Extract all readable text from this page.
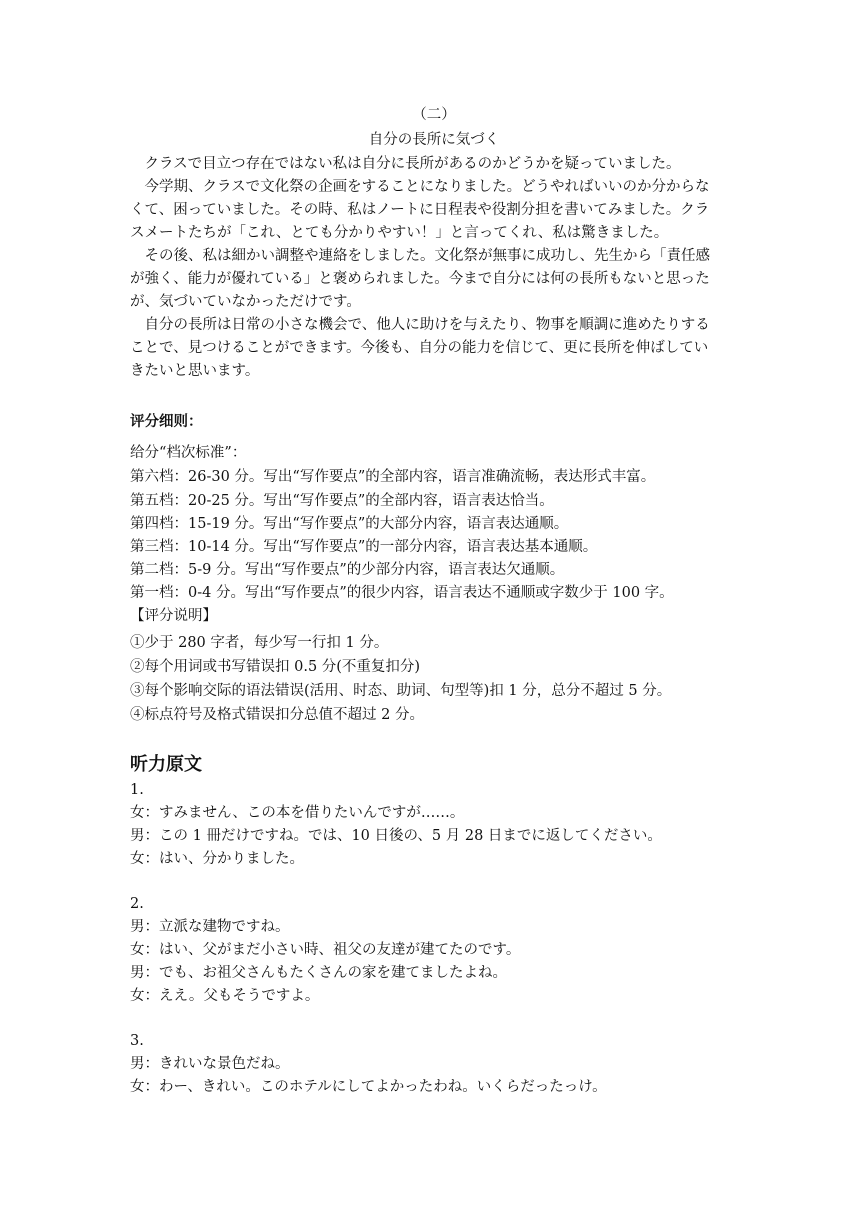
（二）
自分の長所に気づく
　クラスで目立つ存在ではない私は自分に長所があるのかどうかを疑っていました。
　今学期、クラスで文化祭の企画をすることになりました。どうやればいいのか分からな
くて、困っていました。その時、私はノートに日程表や役割分担を書いてみました。クラ
スメートたちが「これ、とても分かりやすい！」と言ってくれ、私は驚きました。
　その後、私は細かい調整や連絡をしました。文化祭が無事に成功し、先生から「責任感
が強く、能力が優れている」と褒められました。今まで自分には何の長所もないと思った
が、気づいていなかっただけです。
　自分の長所は日常の小さな機会で、他人に助けを与えたり、物事を順調に進めたりする
ことで、見つけることができます。今後も、自分の能力を信じて、更に長所を伸ばしてい
きたいと思います。
评分细则：
给分“档次标准”：
第六档：26-30 分。写出“写作要点”的全部内容，语言准确流畅，表达形式丰富。
第五档：20-25 分。写出“写作要点”的全部内容，语言表达恰当。
第四档：15-19 分。写出“写作要点”的大部分内容，语言表达通顺。
第三档：10-14 分。写出“写作要点”的一部分内容，语言表达基本通顺。
第二档：5-9 分。写出“写作要点”的少部分内容，语言表达欠通顺。
第一档：0-4 分。写出“写作要点”的很少内容，语言表达不通顺或字数少于 100 字。
【评分说明】
①少于 280 字者，每少写一行扣 1 分。
②每个用词或书写错误扣 0.5 分(不重复扣分)
③每个影响交际的语法错误(活用、时态、助词、句型等)扣 1 分，总分不超过 5 分。
④标点符号及格式错误扣分总值不超过 2 分。
听力原文
1.
女：すみません、この本を借りたいんですが……。
男：この 1 冊だけですね。では、10 日後の、5 月 28 日までに返してください。
女：はい、分かりました。
2.
男：立派な建物ですね。
女：はい、父がまだ小さい時、祖父の友達が建てたのです。
男：でも、お祖父さんもたくさんの家を建てましたよね。
女：ええ。父もそうですよ。
3.
男：きれいな景色だね。
女：わー、きれい。このホテルにしてよかったわね。いくらだったっけ。
